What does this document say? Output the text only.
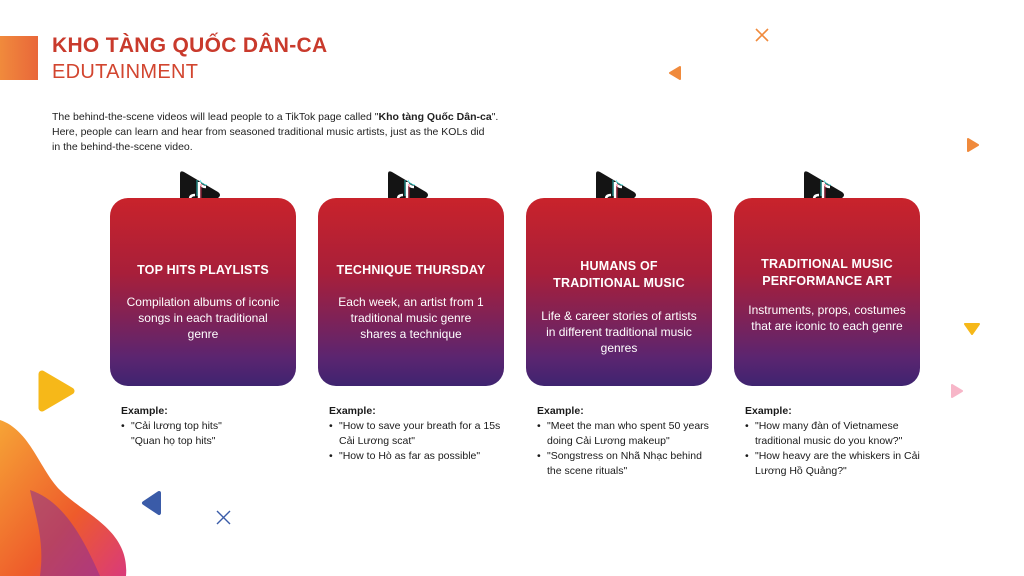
KHO TÀNG QUỐC DÂN-CA
EDUTAINMENT
The behind-the-scene videos will lead people to a TikTok page called "Kho tàng Quốc Dân-ca".
Here, people can learn and hear from seasoned traditional music artists, just as the KOLs did
in the behind-the-scene video.
TOP HITS PLAYLISTS
Compilation albums of iconic songs in each traditional genre
Example:
• "Cải lương top hits"
"Quan họ top hits"
TECHNIQUE THURSDAY
Each week, an artist from 1 traditional music genre shares a technique
Example:
• "How to save your breath for a 15s Cải Lương scat"
• "How to Hò as far as possible"
HUMANS OF TRADITIONAL MUSIC
Life & career stories of artists in different traditional music genres
Example:
• "Meet the man who spent 50 years doing Cải Lương makeup"
• "Songstress on Nhã Nhạc behind the scene rituals"
TRADITIONAL MUSIC PERFORMANCE ART
Instruments, props, costumes that are iconic to each genre
Example:
• "How many đàn of Vietnamese traditional music do you know?"
• "How heavy are the whiskers in Cải Lương Hồ Quảng?"
